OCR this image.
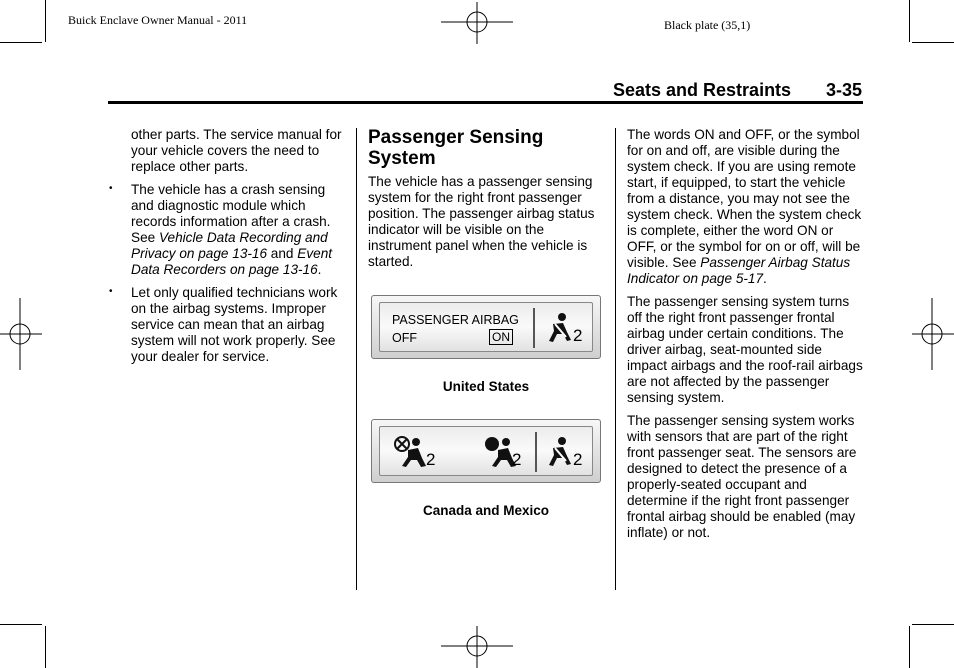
Buick Enclave Owner Manual - 2011	Black plate (35,1)
Seats and Restraints 3-35

other parts. The service manual for your vehicle covers the need to replace other parts.

• The vehicle has a crash sensing and diagnostic module which records information after a crash. See Vehicle Data Recording and Privacy on page 13-16 and Event Data Recorders on page 13-16.

• Let only qualified technicians work on the airbag systems. Improper service can mean that an airbag system will not work properly. See your dealer for service.

Passenger Sensing System

The vehicle has a passenger sensing system for the right front passenger position. The passenger airbag status indicator will be visible on the instrument panel when the vehicle is started.

PASSENGER AIRBAG
OFF	ON	2
United States
2	2	2
Canada and Mexico

The words ON and OFF, or the symbol for on and off, are visible during the system check. If you are using remote start, if equipped, to start the vehicle from a distance, you may not see the system check. When the system check is complete, either the word ON or OFF, or the symbol for on or off, will be visible. See Passenger Airbag Status Indicator on page 5-17.

The passenger sensing system turns off the right front passenger frontal airbag under certain conditions. The driver airbag, seat-mounted side impact airbags and the roof-rail airbags are not affected by the passenger sensing system.

The passenger sensing system works with sensors that are part of the right front passenger seat. The sensors are designed to detect the presence of a properly-seated occupant and determine if the right front passenger frontal airbag should be enabled (may inflate) or not.
